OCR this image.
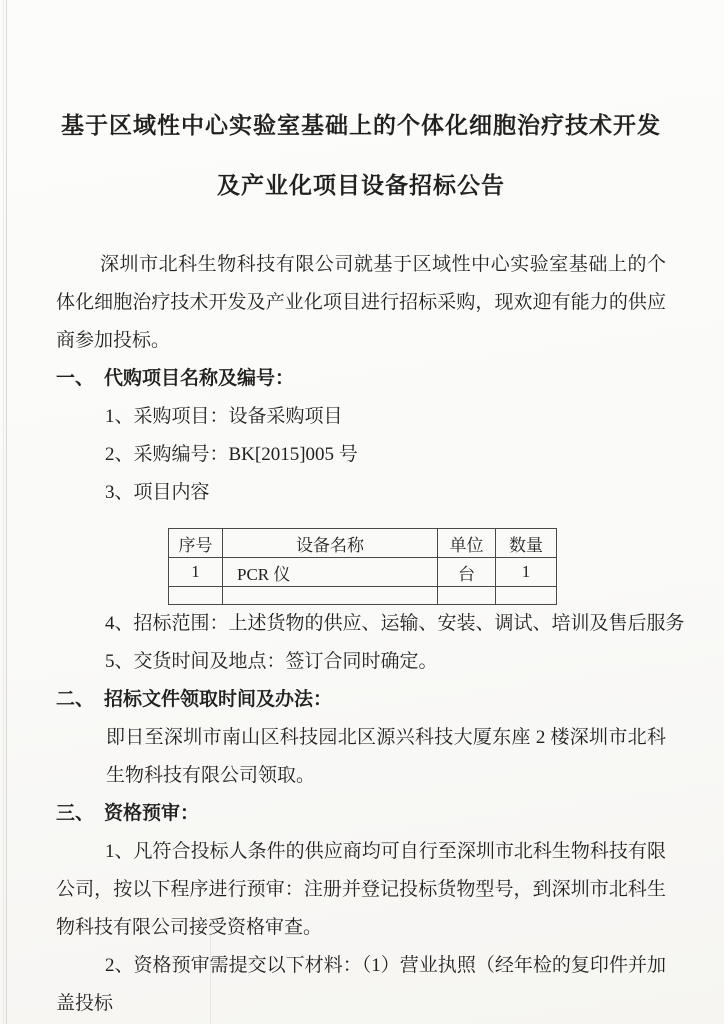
基于区域性中心实验室基础上的个体化细胞治疗技术开发
及产业化项目设备招标公告

深圳市北科生物科技有限公司就基于区域性中心实验室基础上的个体化细胞治疗技术开发及产业化项目进行招标采购，现欢迎有能力的供应商参加投标。

一、 代购项目名称及编号：
1、采购项目：设备采购项目
2、采购编号：BK[2015]005 号
3、项目内容
序号	设备名称	单位	数量
1	PCR 仪	台	1

4、招标范围：上述货物的供应、运输、安装、调试、培训及售后服务
5、交货时间及地点：签订合同时确定。
二、 招标文件领取时间及办法：

即日至深圳市南山区科技园北区源兴科技大厦东座 2 楼深圳市北科生物科技有限公司领取。

三、 资格预审：

1、凡符合投标人条件的供应商均可自行至深圳市北科生物科技有限公司，按以下程序进行预审：注册并登记投标货物型号，到深圳市北科生物科技有限公司接受资格审查。

2、资格预审需提交以下材料：（1）营业执照（经年检的复印件并加盖投标
